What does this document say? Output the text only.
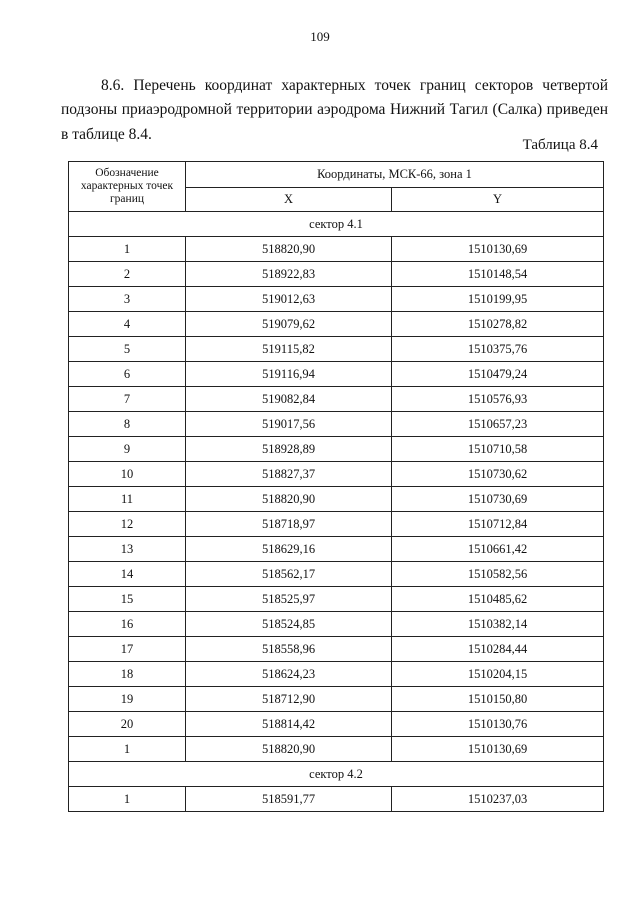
109

8.6. Перечень координат характерных точек границ секторов четвертой подзоны приаэродромной территории аэродрома Нижний Тагил (Салка) приведен в таблице 8.4.

Таблица 8.4
Обозначение характерных точек границ	Координаты, МСК-66, зона 1	
	X	Y
сектор 4.1		
1	518820,90	1510130,69
2	518922,83	1510148,54
3	519012,63	1510199,95
4	519079,62	1510278,82
5	519115,82	1510375,76
6	519116,94	1510479,24
7	519082,84	1510576,93
8	519017,56	1510657,23
9	518928,89	1510710,58
10	518827,37	1510730,62
11	518820,90	1510730,69
12	518718,97	1510712,84
13	518629,16	1510661,42
14	518562,17	1510582,56
15	518525,97	1510485,62
16	518524,85	1510382,14
17	518558,96	1510284,44
18	518624,23	1510204,15
19	518712,90	1510150,80
20	518814,42	1510130,76
1	518820,90	1510130,69
сектор 4.2		
1	518591,77	1510237,03
